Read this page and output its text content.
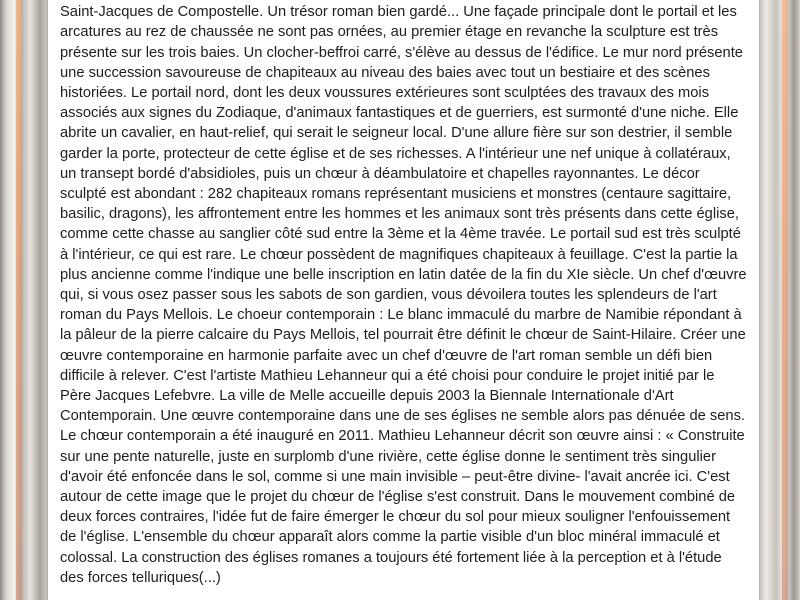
Saint-Jacques de Compostelle. Un trésor roman bien gardé... Une façade principale dont le portail et les arcatures au rez de chaussée ne sont pas ornées, au premier étage en revanche la sculpture est très présente sur les trois baies. Un clocher-beffroi carré, s'élève au dessus de l'édifice. Le mur nord présente une succession savoureuse de chapiteaux au niveau des baies avec tout un bestiaire et des scènes historiées. Le portail nord, dont les deux voussures extérieures sont sculptées des travaux des mois associés aux signes du Zodiaque, d'animaux fantastiques et de guerriers, est surmonté d'une niche. Elle abrite un cavalier, en haut-relief, qui serait le seigneur local. D'une allure fière sur son destrier, il semble garder la porte, protecteur de cette église et de ses richesses. A l'intérieur une nef unique à collatéraux, un transept bordé d'absidioles, puis un chœur à déambulatoire et chapelles rayonnantes. Le décor sculpté est abondant : 282 chapiteaux romans représentant musiciens et monstres (centaure sagittaire, basilic, dragons), les affrontement entre les hommes et les animaux sont très présents dans cette église, comme cette chasse au sanglier côté sud entre la 3ème et la 4ème travée. Le portail sud est très sculpté à l'intérieur, ce qui est rare. Le chœur possèdent de magnifiques chapiteaux à feuillage. C'est la partie la plus ancienne comme l'indique une belle inscription en latin datée de la fin du XIe siècle. Un chef d'œuvre qui, si vous osez passer sous les sabots de son gardien, vous dévoilera toutes les splendeurs de l'art roman du Pays Mellois. Le choeur contemporain : Le blanc immaculé du marbre de Namibie répondant à la pâleur de la pierre calcaire du Pays Mellois, tel pourrait être définit le chœur de Saint-Hilaire. Créer une œuvre contemporaine en harmonie parfaite avec un chef d'œuvre de l'art roman semble un défi bien difficile à relever. C'est l'artiste Mathieu Lehanneur qui a été choisi pour conduire le projet initié par le Père Jacques Lefebvre. La ville de Melle accueille depuis 2003 la Biennale Internationale d'Art Contemporain. Une œuvre contemporaine dans une de ses églises ne semble alors pas dénuée de sens. Le chœur contemporain a été inauguré en 2011. Mathieu Lehanneur décrit son œuvre ainsi : « Construite sur une pente naturelle, juste en surplomb d'une rivière, cette église donne le sentiment très singulier d'avoir été enfoncée dans le sol, comme si une main invisible – peut-être divine- l'avait ancrée ici. C'est autour de cette image que le projet du chœur de l'église s'est construit. Dans le mouvement combiné de deux forces contraires, l'idée fut de faire émerger le chœur du sol pour mieux souligner l'enfouissement de l'église. L'ensemble du chœur apparaît alors comme la partie visible d'un bloc minéral immaculé et colossal. La construction des églises romanes a toujours été fortement liée à la perception et à l'étude des forces telluriques(...)
